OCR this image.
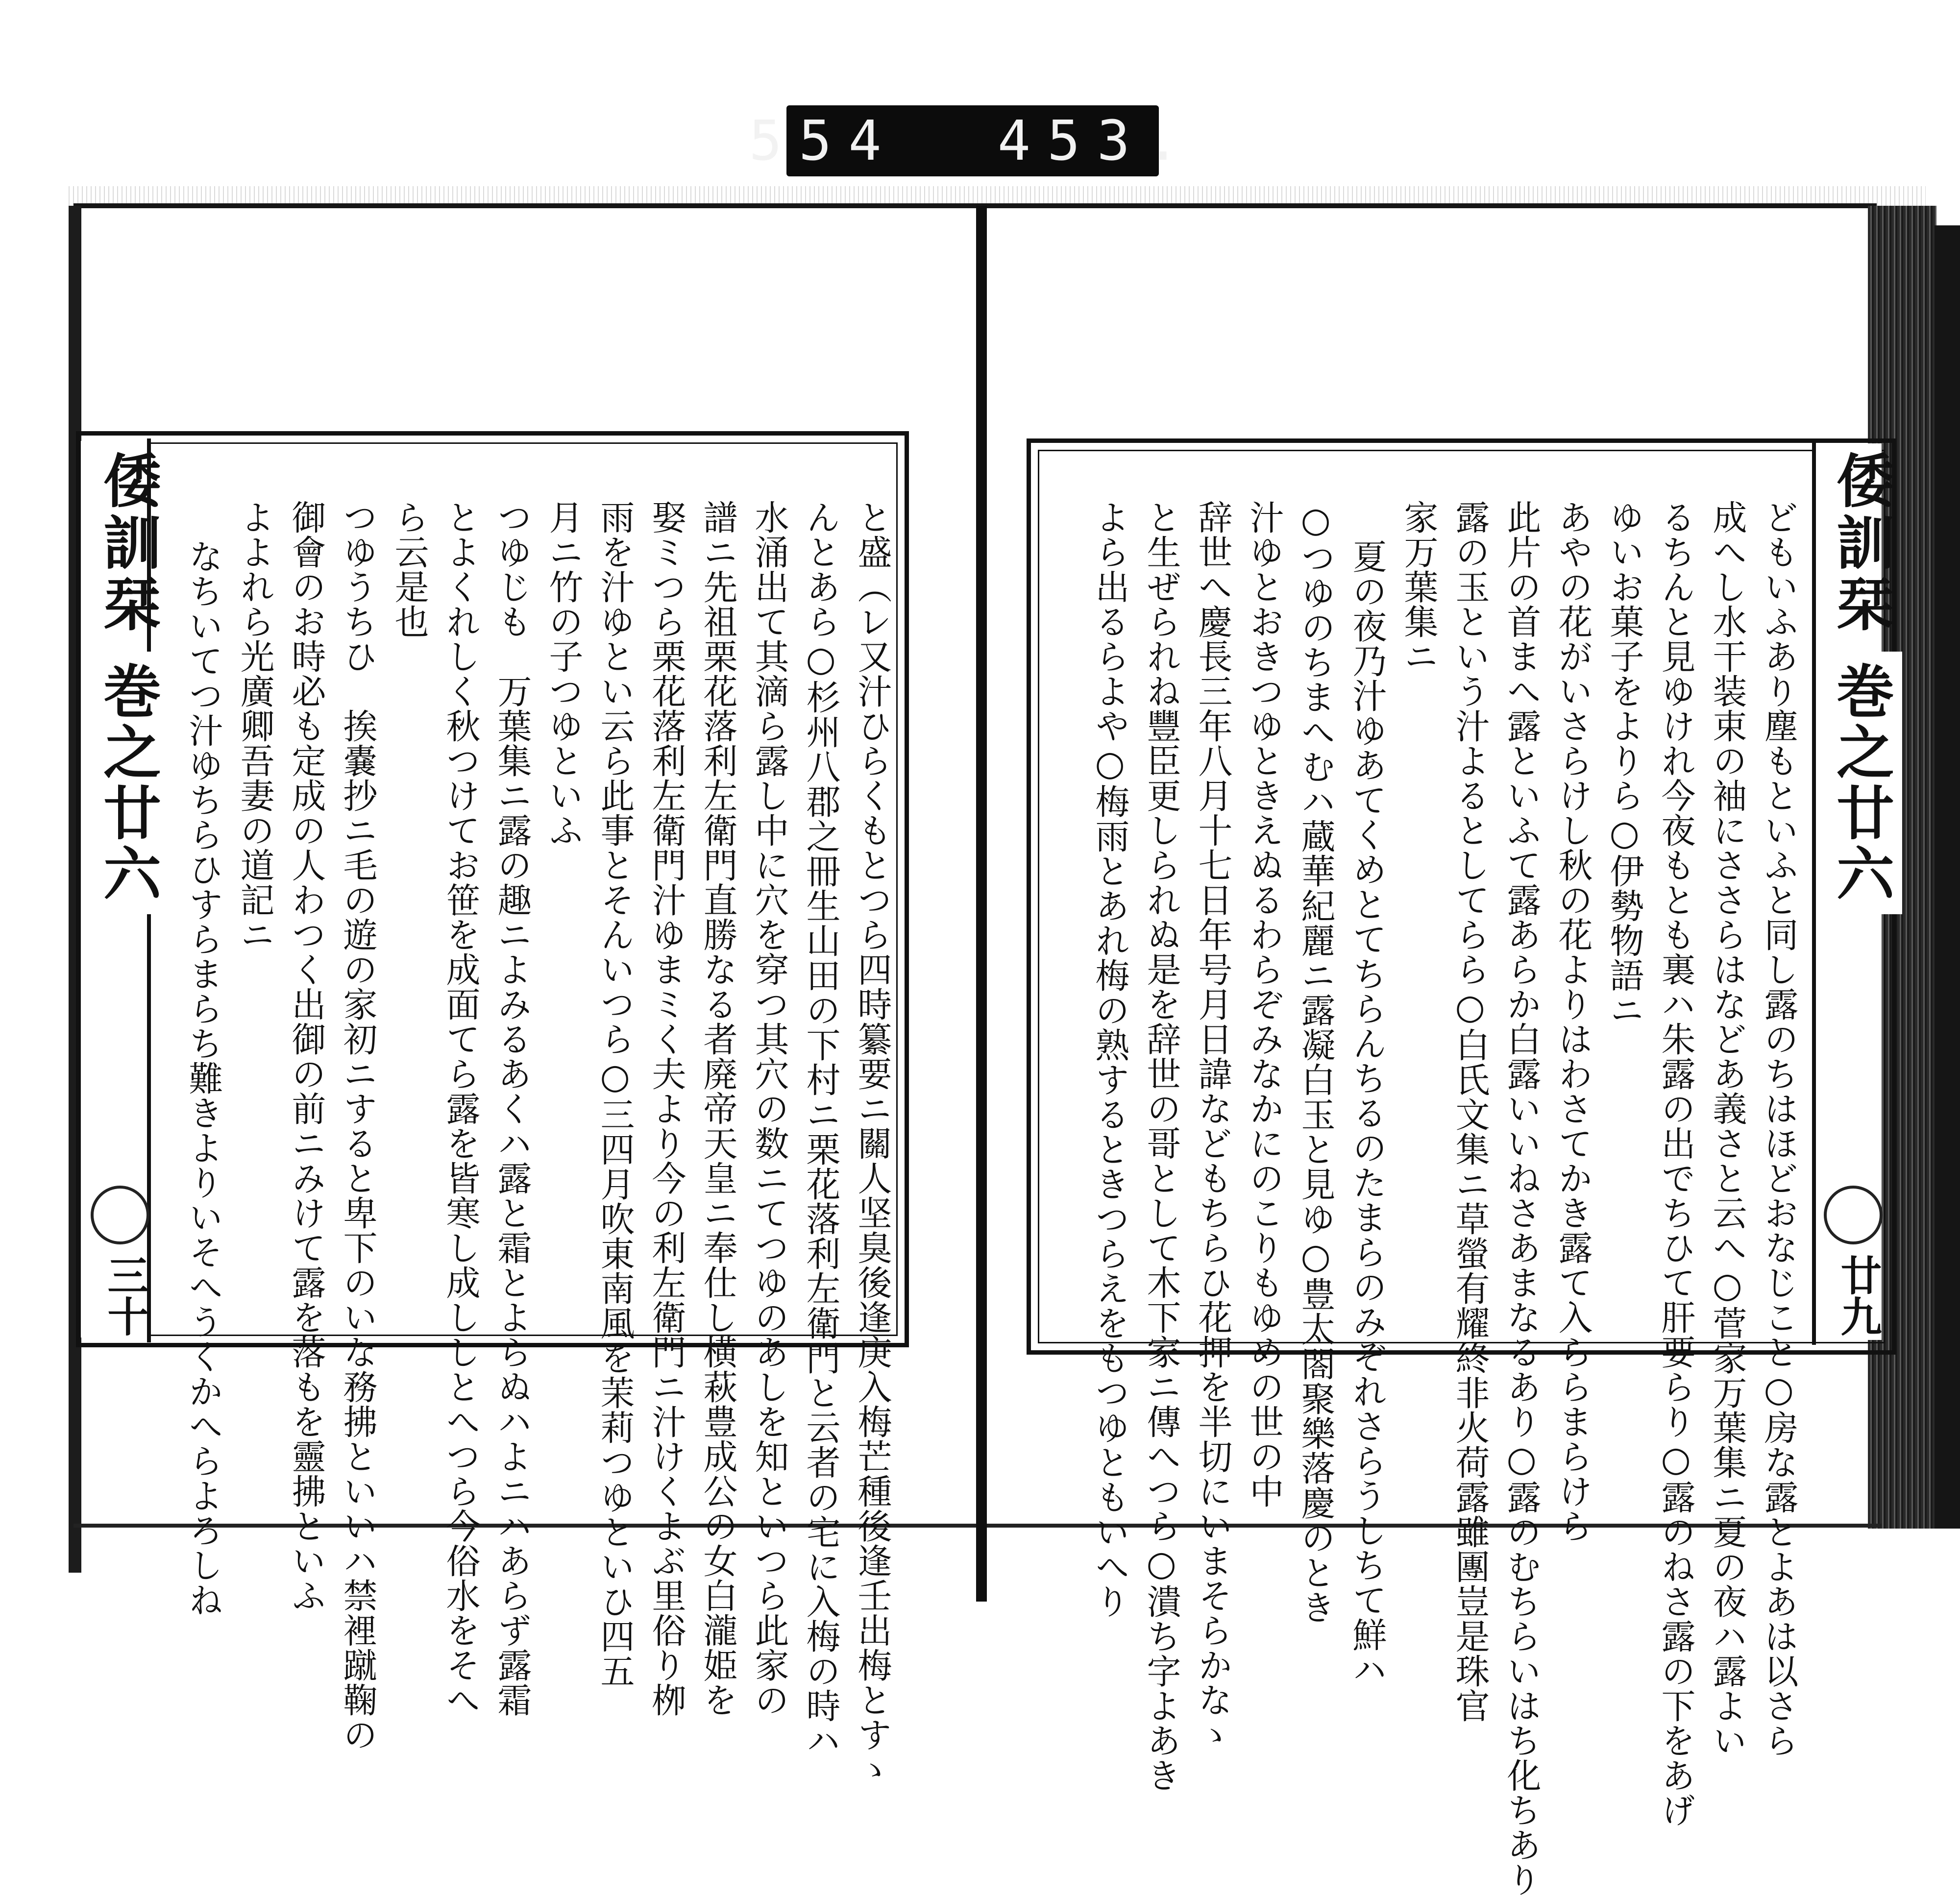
554  453.
倭訓栞
巻之廿六
三十	と盛（レ又汁ひらくもとつら四時纂要ニ關人坚臭後逢庚入梅芒種後逢壬出梅とすゝ
んとあら○杉州八郡之冊生山田の下村ニ栗花落利左衛門と云者の宅に入梅の時ハ
水涌出て其滴ら露し中に穴を穿つ其穴の数ニてつゆのあしを知といつら此家の
譜ニ先祖栗花落利左衛門直勝なる者廃帝天皇ニ奉仕し横萩豊成公の女白瀧姫を
娶ミつら栗花落利左衛門汁ゆまミく夫より今の利左衛門ニ汁けくよぶ里俗り栁
雨を汁ゆとい云ら此事とそんいつら○三四月吹東南風を茉莉つゆといひ四五
月ニ竹の子つゆといふ
つゆじも　万葉集ニ露の趣ニよみるあくハ露と霜とよらぬハよニハあらず露霜
とよくれしく秋つけてお笹を成面てら露を皆寒し成ししとへつら今俗水をそへ
ら云是也
つゆうちひ　挨嚢抄ニ毛の遊の家初ニすると卑下のいな務拂といいハ禁裡蹴鞠の
御會のお時必も定成の人わつく出御の前ニみけて露を落もを靈拂といふ
よよれら光廣卿吾妻の道記ニ
なちいてつ汁ゆちらひすらまらち難きよりいそへうくかへらよろしね	倭訓栞
巻之廿六
廿九
どもいふあり塵もといふと同し露のちはほどおなじこと○房な露とよあは以さら
成へし水干装束の袖にささらはなどあ義さと云へ○菅家万葉集ニ夏の夜ハ露よい
るちんと見ゆけれ今夜もとも裏ハ朱露の出でちひて肝要らり○露のねさ露の下をあげ
ゆいお菓子をよりら○伊勢物語ニ
あやの花がいさらけし秋の花よりはわさてかき露て入ららまらけら
此片の首まへ露といふて露あらか白露いいねさあまなるあり○露のむちらいはち化ちあり
露の玉という汁よるとしてらら○白氏文集ニ草螢有耀終非火荷露雖團豈是珠官
家万葉集ニ
夏の夜乃汁ゆあてくめとてちらんちるのたまらのみぞれさらうしちて鮮ハ
○つゆのちまへむハ蔵華紀麗ニ露凝白玉と見ゆ○豊太閤聚樂落慶のとき
汁ゆとおきつゆときえぬるわらぞみなかにのこりもゆめの世の中
辞世へ慶長三年八月十七日年号月日諱などもちらひ花押を半切にいまそらかなゝ
と生ぜられね豐臣更しられぬ是を辞世の哥として木下家ニ傳へつら○潰ち字よあき
よら出るらよや○梅雨とあれ梅の熟するときつらえをもつゆともいへり
